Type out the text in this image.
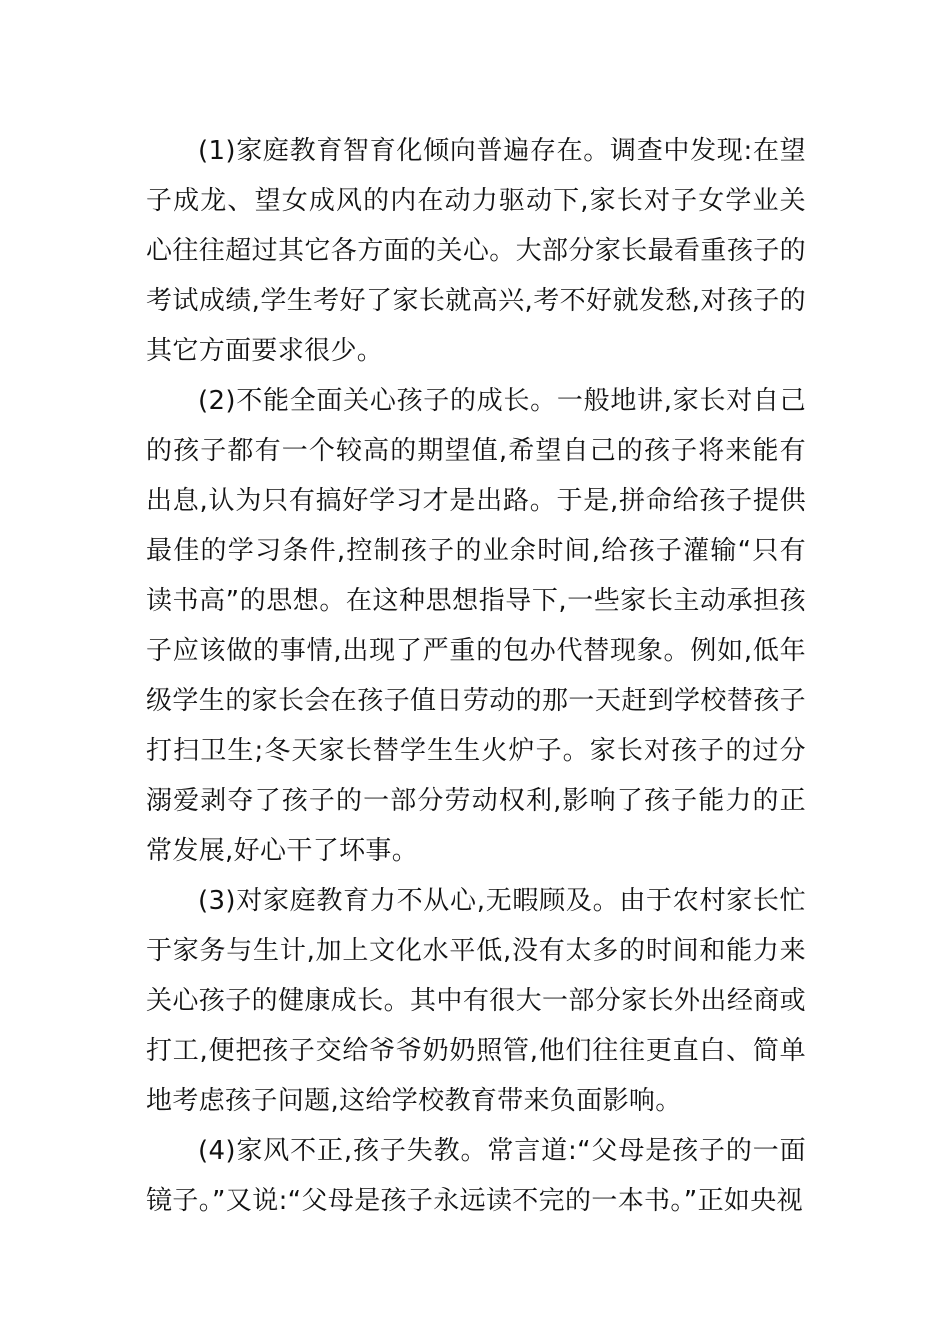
(1)家庭教育智育化倾向普遍存在。调查中发现:在望子成龙、望女成风的内在动力驱动下,家长对子女学业关心往往超过其它各方面的关心。大部分家长最看重孩子的考试成绩,学生考好了家长就高兴,考不好就发愁,对孩子的其它方面要求很少。

(2)不能全面关心孩子的成长。一般地讲,家长对自己的孩子都有一个较高的期望值,希望自己的孩子将来能有出息,认为只有搞好学习才是出路。于是,拼命给孩子提供最佳的学习条件,控制孩子的业余时间,给孩子灌输“只有读书高”的思想。在这种思想指导下,一些家长主动承担孩子应该做的事情,出现了严重的包办代替现象。例如,低年级学生的家长会在孩子值日劳动的那一天赶到学校替孩子打扫卫生;冬天家长替学生生火炉子。家长对孩子的过分溺爱剥夺了孩子的一部分劳动权利,影响了孩子能力的正常发展,好心干了坏事。

(3)对家庭教育力不从心,无暇顾及。由于农村家长忙于家务与生计,加上文化水平低,没有太多的时间和能力来关心孩子的健康成长。其中有很大一部分家长外出经商或打工,便把孩子交给爷爷奶奶照管,他们往往更直白、简单地考虑孩子问题,这给学校教育带来负面影响。

(4)家风不正,孩子失教。常言道:“父母是孩子的一面镜子。”又说:“父母是孩子永远读不完的一本书。”正如央视
